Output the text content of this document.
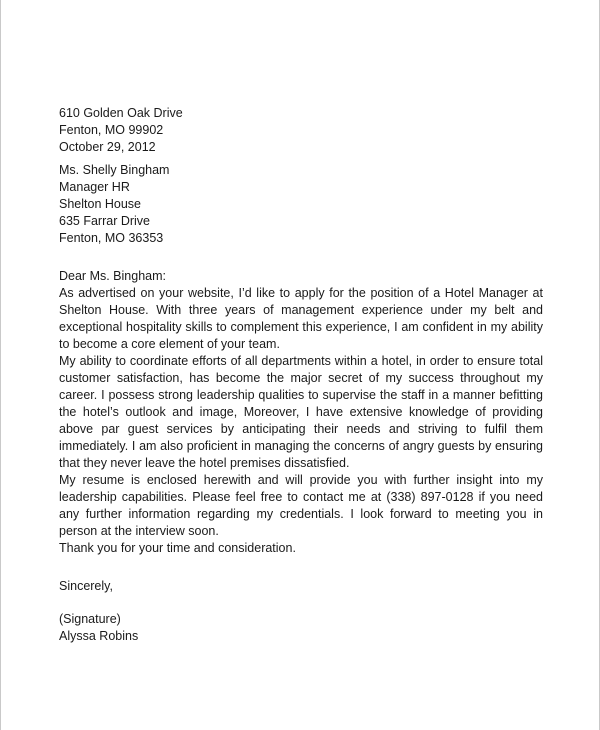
610 Golden Oak Drive
Fenton, MO 99902
October 29, 2012
Ms. Shelly Bingham
Manager HR
Shelton House
635 Farrar Drive
Fenton, MO 36353
Dear Ms. Bingham:

As advertised on your website, I’d like to apply for the position of a Hotel Manager at Shelton House. With three years of management experience under my belt and exceptional hospitality skills to complement this experience, I am confident in my ability to become a core element of your team.

My ability to coordinate efforts of all departments within a hotel, in order to ensure total customer satisfaction, has become the major secret of my success throughout my career. I possess strong leadership qualities to supervise the staff in a manner befitting the hotel’s outlook and image, Moreover, I have extensive knowledge of providing above par guest services by anticipating their needs and striving to fulfil them immediately. I am also proficient in managing the concerns of angry guests by ensuring that they never leave the hotel premises dissatisfied.

My resume is enclosed herewith and will provide you with further insight into my leadership capabilities. Please feel free to contact me at (338) 897-0128 if you need any further information regarding my credentials. I look forward to meeting you in person at the interview soon.

Thank you for your time and consideration.

Sincerely,
(Signature)
Alyssa Robins
